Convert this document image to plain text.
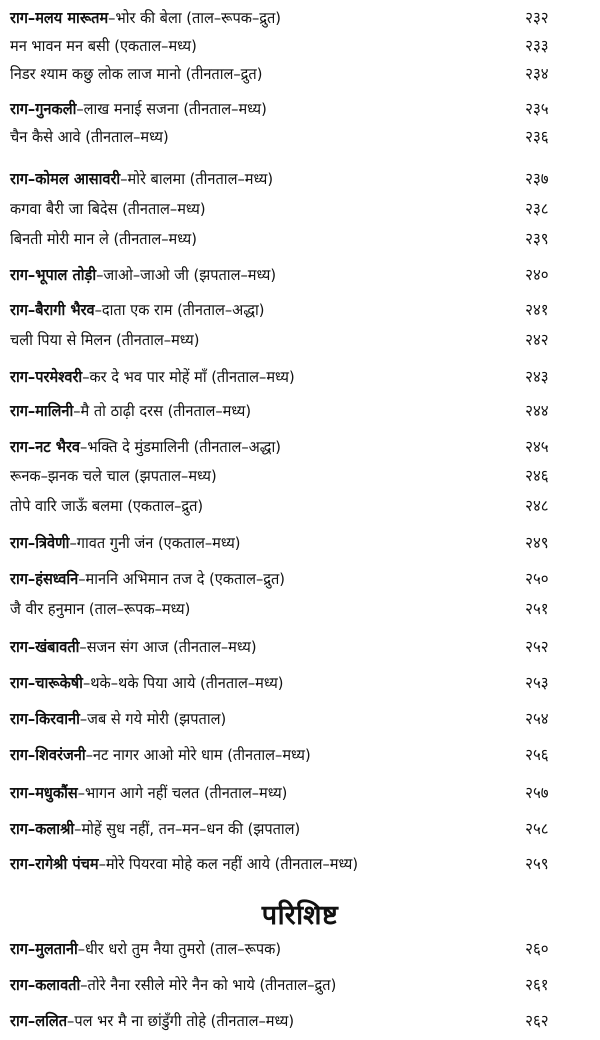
राग–मलय मारूतम–भोर की बेला (ताल–रूपक–द्रुत)	२३२
मन भावन मन बसी (एकताल–मध्य)	२३३
निडर श्याम कछु लोक लाज मानो (तीनताल–द्रुत)	२३४
राग–गुनकली–लाख मनाई सजना (तीनताल–मध्य)	२३५
चैन कैसे आवे (तीनताल–मध्य)	२३६
राग–कोमल आसावरी–मोरे बालमा (तीनताल–मध्य)	२३७
कगवा बैरी जा बिदेस (तीनताल–मध्य)	२३८
बिनती मोरी मान ले (तीनताल–मध्य)	२३९
राग–भूपाल तोड़ी–जाओ–जाओ जी (झपताल–मध्य)	२४०
राग–बैरागी भैरव–दाता एक राम (तीनताल–अद्धा)	२४१
चली पिया से मिलन (तीनताल–मध्य)	२४२
राग–परमेश्वरी–कर दे भव पार मोहें माँ (तीनताल–मध्य)	२४३
राग–मालिनी–मै तो ठाढ़ी दरस (तीनताल–मध्य)	२४४
राग–नट भैरव–भक्ति दे मुंडमालिनी (तीनताल–अद्धा)	२४५
रूनक–झनक चले चाल (झपताल–मध्य)	२४६
तोपे वारि जाऊँ बलमा (एकताल–द्रुत)	२४८
राग–त्रिवेणी–गावत गुनी जंन (एकताल–मध्य)	२४९
राग–हंसध्वनि–माननि अभिमान तज दे (एकताल–द्रुत)	२५०
जै वीर हनुमान (ताल–रूपक–मध्य)	२५१
राग–खंबावती–सजन संग आज (तीनताल–मध्य)	२५२
राग–चारूकेषी–थके–थके पिया आये (तीनताल–मध्य)	२५३
राग–किरवानी–जब से गये मोरी (झपताल)	२५४
राग–शिवरंजनी–नट नागर आओ मोरे धाम (तीनताल–मध्य)	२५६
राग–मधुकौंस–भागन आगे नहीं चलत (तीनताल–मध्य)	२५७
राग–कलाश्री–मोहें सुध नहीं, तन–मन–धन की (झपताल)	२५८
राग–रागेश्री पंचम–मोरे पियरवा मोहे कल नहीं आये (तीनताल–मध्य)	२५९
परिशिष्ट
राग–मुलतानी–धीर धरो तुम नैया तुमरो (ताल–रूपक)	२६०
राग–कलावती–तोरे नैना रसीले मोरे नैन को भाये (तीनताल–द्रुत)	२६१
राग–ललित–पल भर मै ना छांडुँगी तोहे (तीनताल–मध्य)	२६२
